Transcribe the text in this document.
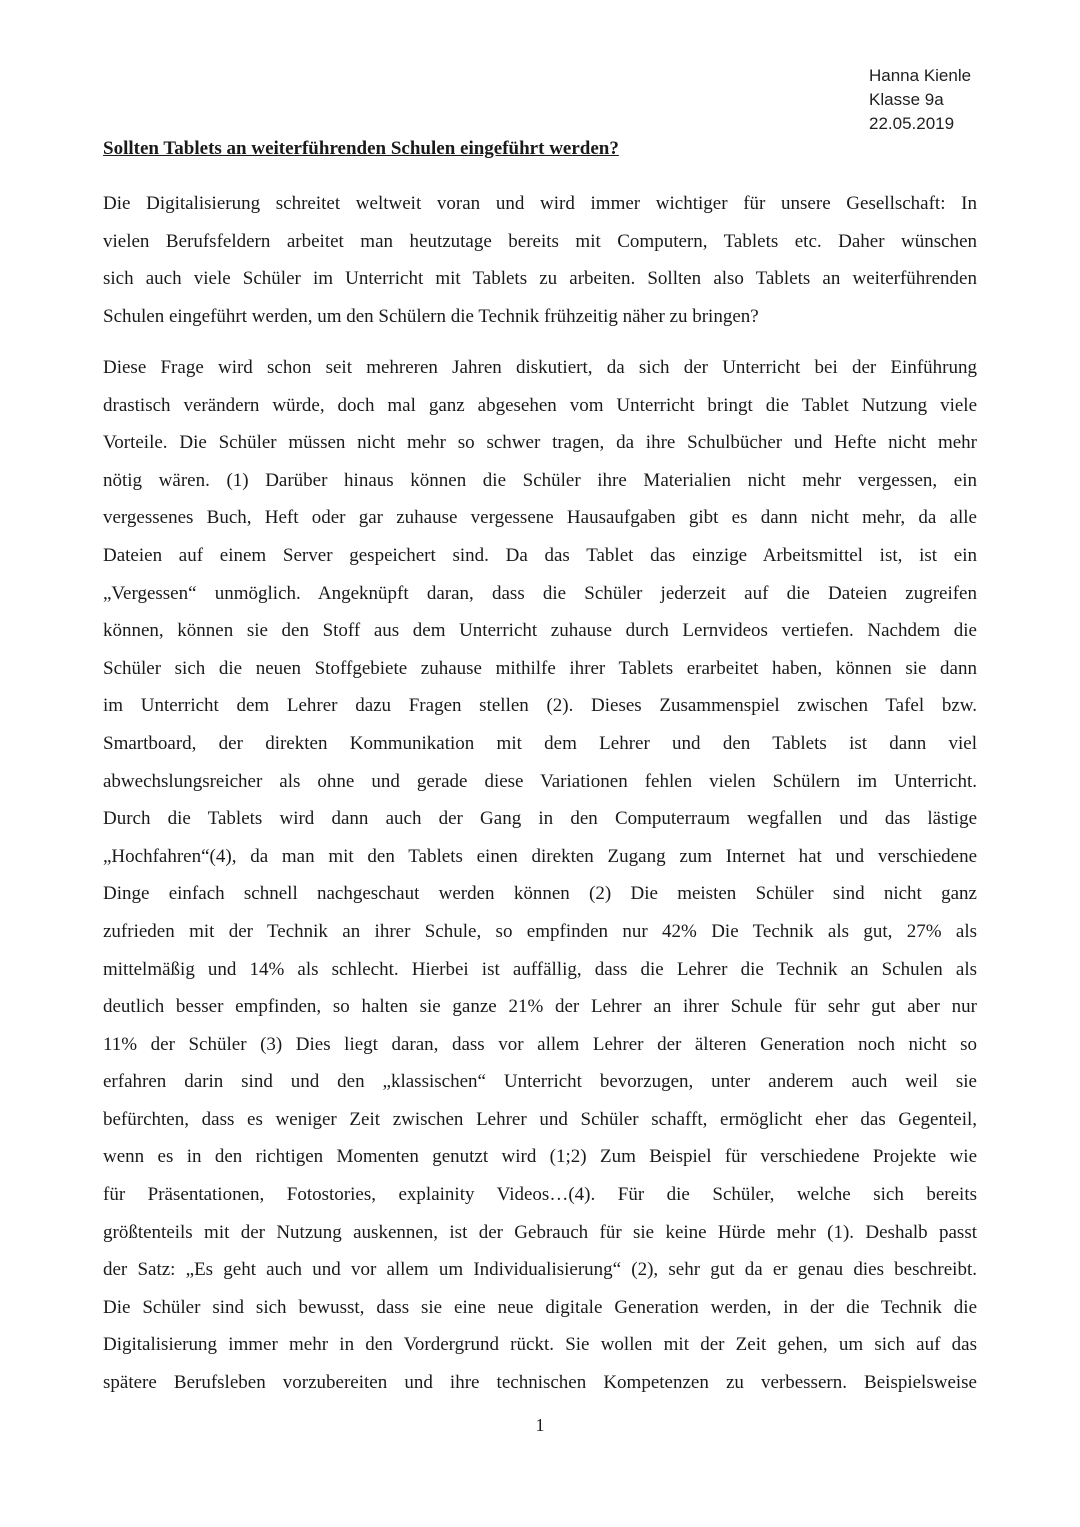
Hanna Kienle
Klasse 9a
22.05.2019
Sollten Tablets an weiterführenden Schulen eingeführt werden?
Die Digitalisierung schreitet weltweit voran und wird immer wichtiger für unsere Gesellschaft: In
vielen Berufsfeldern arbeitet man heutzutage bereits mit Computern, Tablets etc. Daher wünschen
sich auch viele Schüler im Unterricht mit Tablets zu arbeiten. Sollten also Tablets an weiterführenden
Schulen eingeführt werden, um den Schülern die Technik frühzeitig näher zu bringen?
Diese Frage wird schon seit mehreren Jahren diskutiert, da sich der Unterricht bei der Einführung
drastisch verändern würde, doch mal ganz abgesehen vom Unterricht bringt die Tablet Nutzung viele
Vorteile. Die Schüler müssen nicht mehr so schwer tragen, da ihre Schulbücher und Hefte nicht mehr
nötig wären. (1) Darüber hinaus können die Schüler ihre Materialien nicht mehr vergessen, ein
vergessenes Buch, Heft oder gar zuhause vergessene Hausaufgaben gibt es dann nicht mehr, da alle
Dateien auf einem Server gespeichert sind. Da das Tablet das einzige Arbeitsmittel ist, ist ein
„Vergessen“ unmöglich. Angeknüpft daran, dass die Schüler jederzeit auf die Dateien zugreifen
können, können sie den Stoff aus dem Unterricht zuhause durch Lernvideos vertiefen. Nachdem die
Schüler sich die neuen Stoffgebiete zuhause mithilfe ihrer Tablets erarbeitet haben, können sie dann
im Unterricht dem Lehrer dazu Fragen stellen (2). Dieses Zusammenspiel zwischen Tafel bzw.
Smartboard, der direkten Kommunikation mit dem Lehrer und den Tablets ist dann viel
abwechslungsreicher als ohne und gerade diese Variationen fehlen vielen Schülern im Unterricht.
Durch die Tablets wird dann auch der Gang in den Computerraum wegfallen und das lästige
„Hochfahren“(4), da man mit den Tablets einen direkten Zugang zum Internet hat und verschiedene
Dinge einfach schnell nachgeschaut werden können (2) Die meisten Schüler sind nicht ganz
zufrieden mit der Technik an ihrer Schule, so empfinden nur 42% Die Technik als gut, 27% als
mittelmäßig und 14% als schlecht. Hierbei ist auffällig, dass die Lehrer die Technik an Schulen als
deutlich besser empfinden, so halten sie ganze 21% der Lehrer an ihrer Schule für sehr gut aber nur
11% der Schüler (3) Dies liegt daran, dass vor allem Lehrer der älteren Generation noch nicht so
erfahren darin sind und den „klassischen“ Unterricht bevorzugen, unter anderem auch weil sie
befürchten, dass es weniger Zeit zwischen Lehrer und Schüler schafft, ermöglicht eher das Gegenteil,
wenn es in den richtigen Momenten genutzt wird (1;2) Zum Beispiel für verschiedene Projekte wie
für Präsentationen, Fotostories, explainity Videos…(4). Für die Schüler, welche sich bereits
größtenteils mit der Nutzung auskennen, ist der Gebrauch für sie keine Hürde mehr (1). Deshalb passt
der Satz: „Es geht auch und vor allem um Individualisierung“ (2), sehr gut da er genau dies beschreibt.
Die Schüler sind sich bewusst, dass sie eine neue digitale Generation werden, in der die Technik die
Digitalisierung immer mehr in den Vordergrund rückt. Sie wollen mit der Zeit gehen, um sich auf das
spätere Berufsleben vorzubereiten und ihre technischen Kompetenzen zu verbessern. Beispielsweise
1
